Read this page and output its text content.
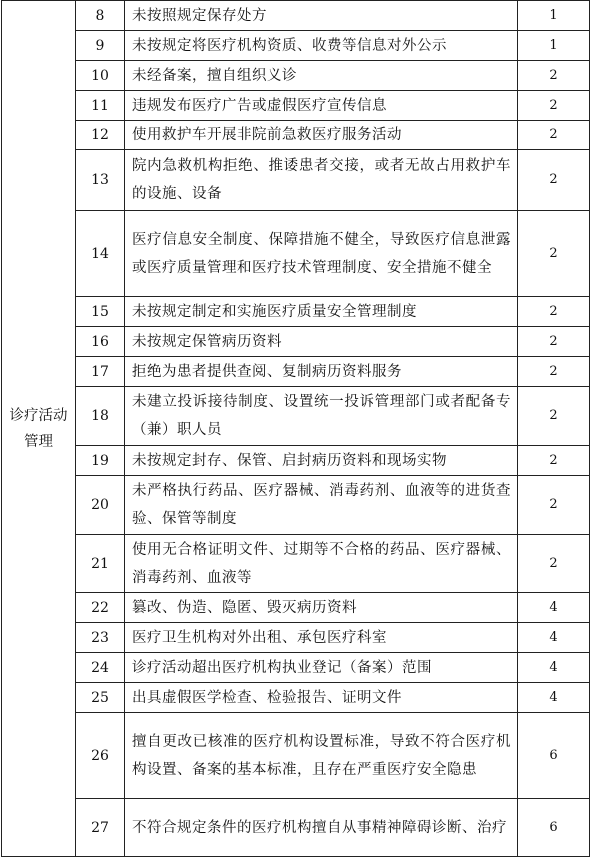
诊疗活动管理	8	未按照规定保存处方	1
	9	未按规定将医疗机构资质、收费等信息对外公示	1
	10	未经备案，擅自组织义诊	2
	11	违规发布医疗广告或虚假医疗宣传信息	2
	12	使用救护车开展非院前急救医疗服务活动	2
	13	院内急救机构拒绝、推诿患者交接，或者无故占用救护车的设施、设备	2
	14	医疗信息安全制度、保障措施不健全，导致医疗信息泄露或医疗质量管理和医疗技术管理制度、安全措施不健全	2
	15	未按规定制定和实施医疗质量安全管理制度	2
	16	未按规定保管病历资料	2
	17	拒绝为患者提供查阅、复制病历资料服务	2
	18	未建立投诉接待制度、设置统一投诉管理部门或者配备专（兼）职人员	2
	19	未按规定封存、保管、启封病历资料和现场实物	2
	20	未严格执行药品、医疗器械、消毒药剂、血液等的进货查验、保管等制度	2
	21	使用无合格证明文件、过期等不合格的药品、医疗器械、消毒药剂、血液等	2
	22	篡改、伪造、隐匿、毁灭病历资料	4
	23	医疗卫生机构对外出租、承包医疗科室	4
	24	诊疗活动超出医疗机构执业登记（备案）范围	4
	25	出具虚假医学检查、检验报告、证明文件	4
	26	擅自更改已核准的医疗机构设置标准，导致不符合医疗机构设置、备案的基本标准，且存在严重医疗安全隐患	6
	27	不符合规定条件的医疗机构擅自从事精神障碍诊断、治疗	6
